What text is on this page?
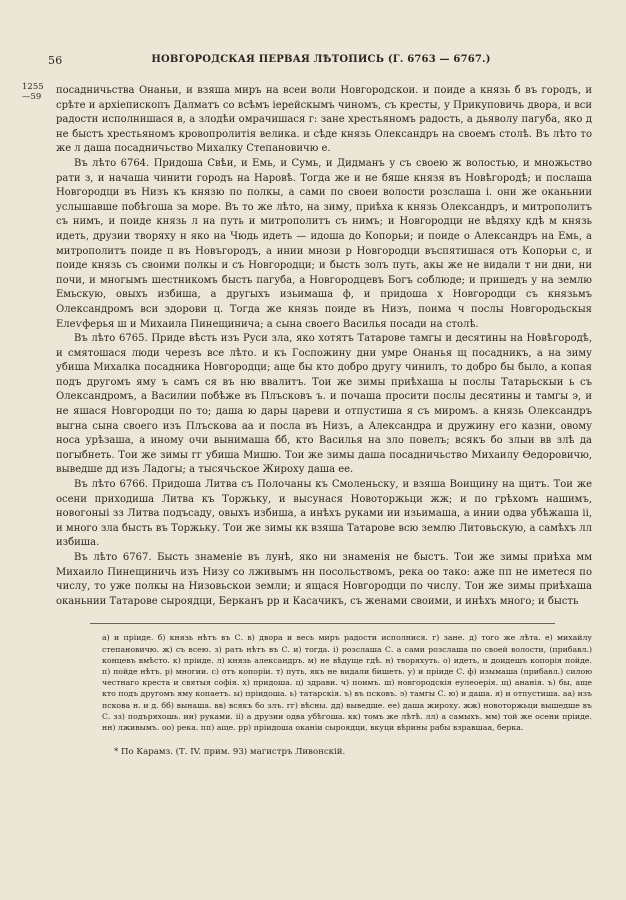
56	НОВГОРОДСКАЯ ПЕРВАЯ ЛѢТОПИСЬ (Г. 6763 — 6767.)
1255
—59

посадничьства Онаньи, и взяша миръ на всеи воли Новгородскои. и поиде а князь б въ городъ, и срѣте и архіепископъ Далматъ со всѣмъ іерейскымъ чиномъ, съ кресты, у Прикуповичь двора, и вси радости исполнишася в, а злодѣи омрачишася г: зане хрестьяномъ радость, а дьяволу пагуба, яко д не быстъ хрестьяномъ кровопролитія велика. и сѣде князь Олександръ на своемъ столѣ. Въ лѣто то же л дaша посадничьство Михалку Степановичю е.

Въ лѣто 6764. Придоша Свѣи, и Емь, и Сумь, и Дидманъ у съ своею ж волостью, и множьство рати з, и начаша чинити городъ на Наровѣ. Тогда же и не бяше князя въ Новѣгородѣ; и послаша Новгородци въ Низъ къ князю по полкы, а сами по своеи волости розслаша і. они же оканьнии услышавше побѣгоша за море. Въ то же лѣто, на зиму, приѣха к князь Олександръ, и митрополитъ съ нимъ, и поиде князь л на путь и митрополитъ съ нимъ; и Новгородци не вѣдяху кдѣ м князь идеть, друзии творяху н яко на Чюдь идеть — идоша до Копорьи; и поиде о Александръ на Емь, а митрополитъ поиде п въ Новъгородъ, а инии мнози р Новгородци въспятишася отъ Копорьи с, и поиде князь съ своими полкы и съ Новгородци; и бысть золъ путь, акы же не видали т ни дни, ни почи, и многымъ шестникомъ бысть пагуба, а Новгородцевъ Богъ соблюде; и пришедъ у на землю Емьскую, овыхъ избиша, а другыхъ изьимаша ф, и придоша х Новгородци съ князьмъ Олександромъ вси здорови ц. Тогда же князь поиде въ Низъ, поима ч послы Новгородьскыя Елеѵферья ш и Михаила Пинещинича; а сына своего Василья посади на столѣ.

Въ лѣто 6765. Приде вѣсть изъ Руси зла, яко хотятъ Татарове тамгы и десятины на Новѣгородѣ, и смятошася люди черезъ все лѣто. и къ Госпожину дни умре Онанья щ посадникъ, а на зиму убиша Михалка посадника Новгородци; аще бы кто добро другу чинилъ, то добро бы было, а копая подъ другомъ яму ъ самъ ся въ ню ввалитъ. Тои же зимы приѣхаша ы послы Татарьскыи ь съ Олександромъ, а Василии побѣже въ Плъсковъ ъ. и почаша просити послы десятины и тамгы э, и не яшася Новгородци по то; даша ю дары цареви и отпустиша я съ миромъ. а князь Олександръ выгна сына своего изъ Плъскова аа и посла въ Низъ, а Александра и дружину его казни, овому носа урѣзаша, а иному очи вынимаша бб, кто Василья на зло повелъ; всякъ бо злыи вв злѣ да погыбнеть. Тои же зимы гг убиша Мишю. Тои же зимы даша посадничьство Михаилу Ѳедоровичю, выведше дд изъ Ладогы; а тысячьское Жироху даша ее.

Въ лѣто 6766. Придоша Литва съ Полочаны къ Смоленьску, и взяша Воищину на щитъ. Тои же осени приходиша Литва къ Торжьку, и высунася Новоторжьци жж; и по грѣхомъ нашимъ, новогоныі зз Литва подъсаду, овыхъ избиша, а инѣхъ руками ии изьимаша, а инии одва убѣжаша іі, и много зла бысть въ Торжьку. Тои же зимы кк взяша Татарове всю землю Литовьскую, а самѣхъ лл избиша.

Въ лѣто 6767. Бысть знаменіе въ лунѣ, яко ни знаменія не быстъ. Тои же зимы приѣха мм Михаило Пинещиничь изъ Низу со лживымъ нн посольствомъ, река оо тако: аже пп не иметеся по числу, то уже полкы на Низовьскои земли; и ящася Новгородци по числу. Тои же зимы приѣхаша оканьнии Татарове сыроядци, Берканъ рр и Касачикъ, съ женами своими, и инѣхъ много; и бысть

а) и прiиде. б) князь нѣтъ въ С. в) двора и весь миръ радости исполнися. г) зане. д) того же лѣта. е) михайлу степановичю. ж) съ всею. з) рать нѣтъ въ С. и) тогда. і) розслаша С. а сами розслаша по своей волости, (прибавл.) концевъ вмѣсто. к) прiиде. л) князь александръ. м) не вѣдуще гдѣ. н) творяхуть. о) идеть, и доидешъ копорiя пойде. п) пойде нѣтъ. р) многии. с) отъ копорiи. т) путь, якъ не видали бишеть. у) и прiиде С. ф) изымаша (прибавл.) силою честнаго креста и святыя софiя. х) придоша. ц) здрави. ч) поимъ. ш) новгородскiя еулеоерiя. щ) ананiя. ъ) бы, аще кто подъ другомъ яму копаетъ. ы) прiидоша. ь) татарскiя. ъ) въ псковъ. э) тамгы С. ю) и даша. я) и отпустиша. аа) изъ пскова н. и д. бб) вынаша. вв) всякъ бо злъ. гг) вѣсны. дд) выведше. ее) даша жироху. жж) новоторжьци вышедше въ С. зз) подъряхошь. ии) руками. іі) а друзии одва убѣгоша. кк) томъ же лѣтѣ. лл) а самыхъ. мм) той же осени прiиде. нн) лживымъ. оо) река. пп) аще. рр) прiидоша оканiи сыроядци, вкуци вѣрины рабы взравшаа, берка.

* По Карамз. (Т. IV. прим. 93) магистръ Ливонскій.
